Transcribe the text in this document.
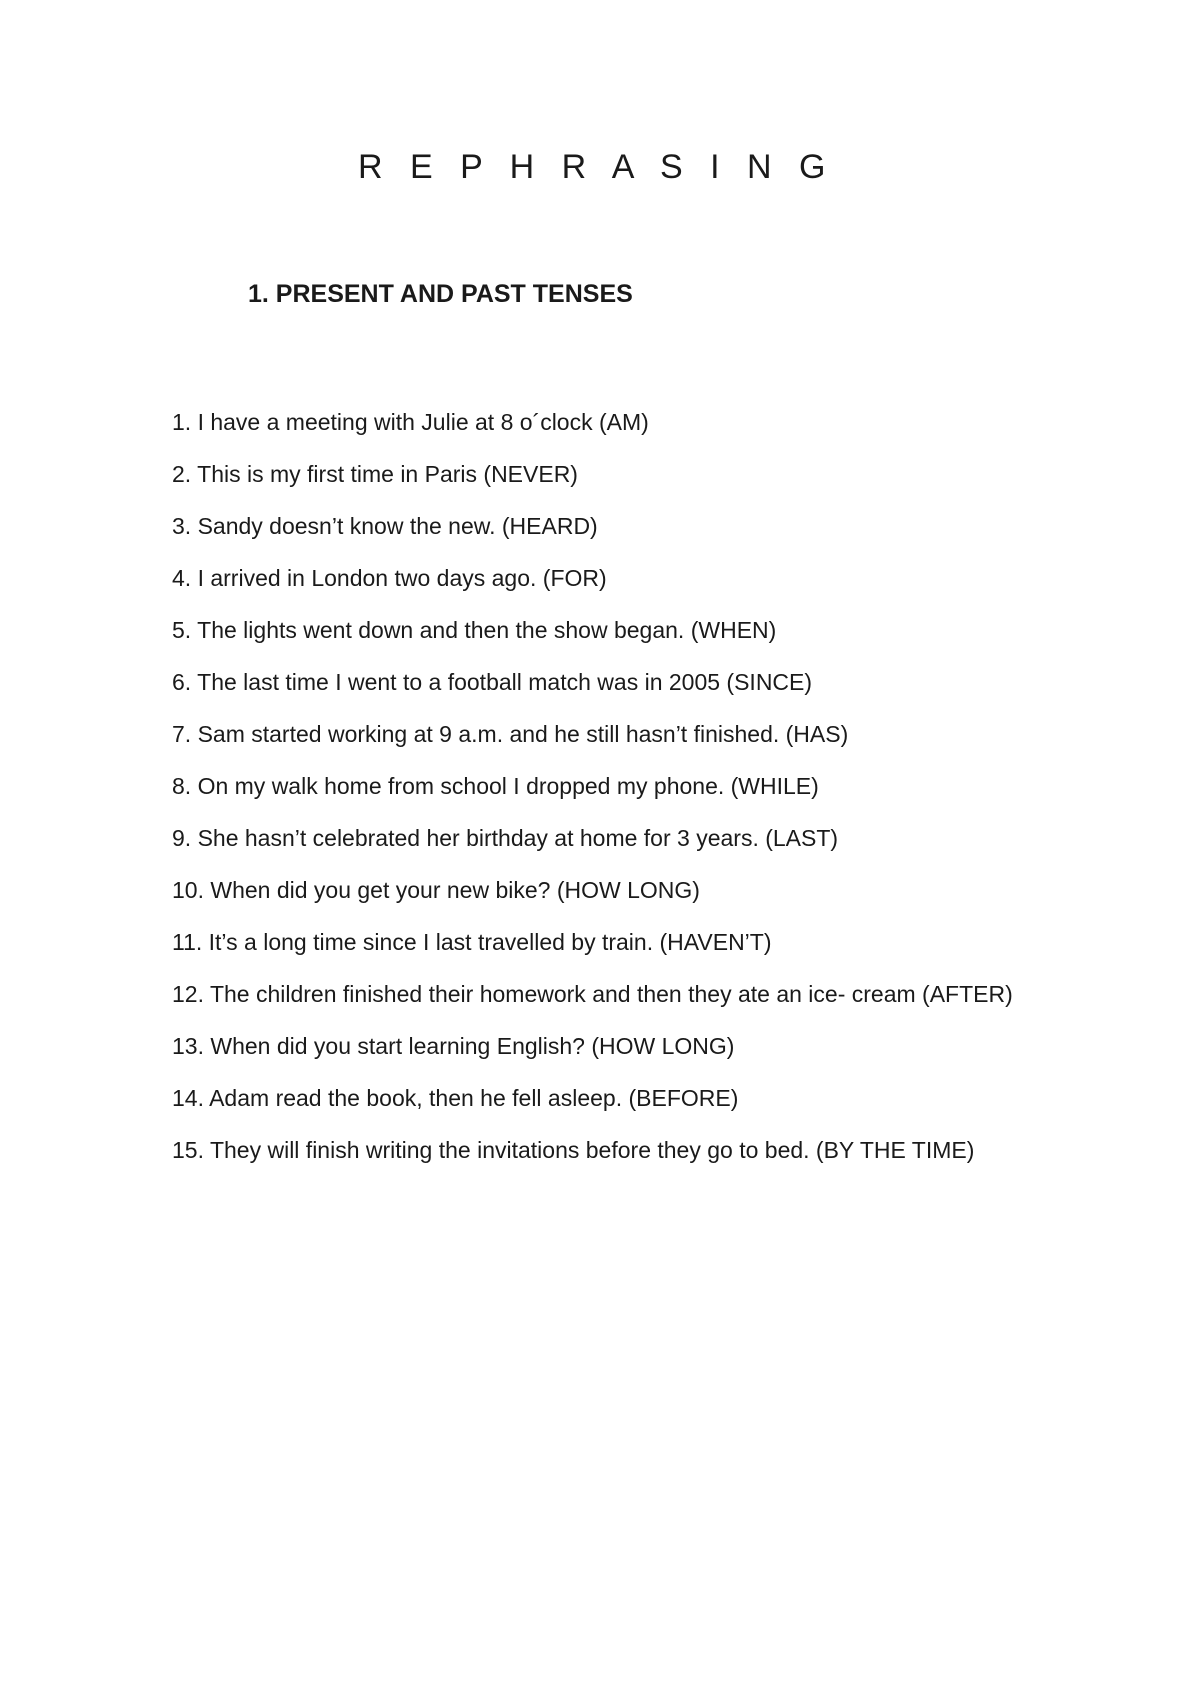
R E P H R A S I N G
1. PRESENT AND PAST TENSES
1. I have a meeting with Julie at 8 o´clock (AM)
2. This is my first time in Paris (NEVER)
3. Sandy doesn’t know the new. (HEARD)
4. I arrived in London two days ago. (FOR)
5. The lights went down and then the show began. (WHEN)
6. The last time I went to a football match was in 2005 (SINCE)
7. Sam started working at 9 a.m. and he still hasn’t finished. (HAS)
8. On my walk home from school I dropped my phone. (WHILE)
9. She hasn’t celebrated her birthday at home for 3 years. (LAST)
10. When did you get your new bike? (HOW LONG)
11. It’s a long time since I last travelled by train. (HAVEN’T)
12. The children finished their homework and then they ate an ice- cream (AFTER)
13. When did you start learning English? (HOW LONG)
14. Adam read the book, then he fell asleep. (BEFORE)
15. They will finish writing the invitations before they go to bed. (BY THE TIME)
